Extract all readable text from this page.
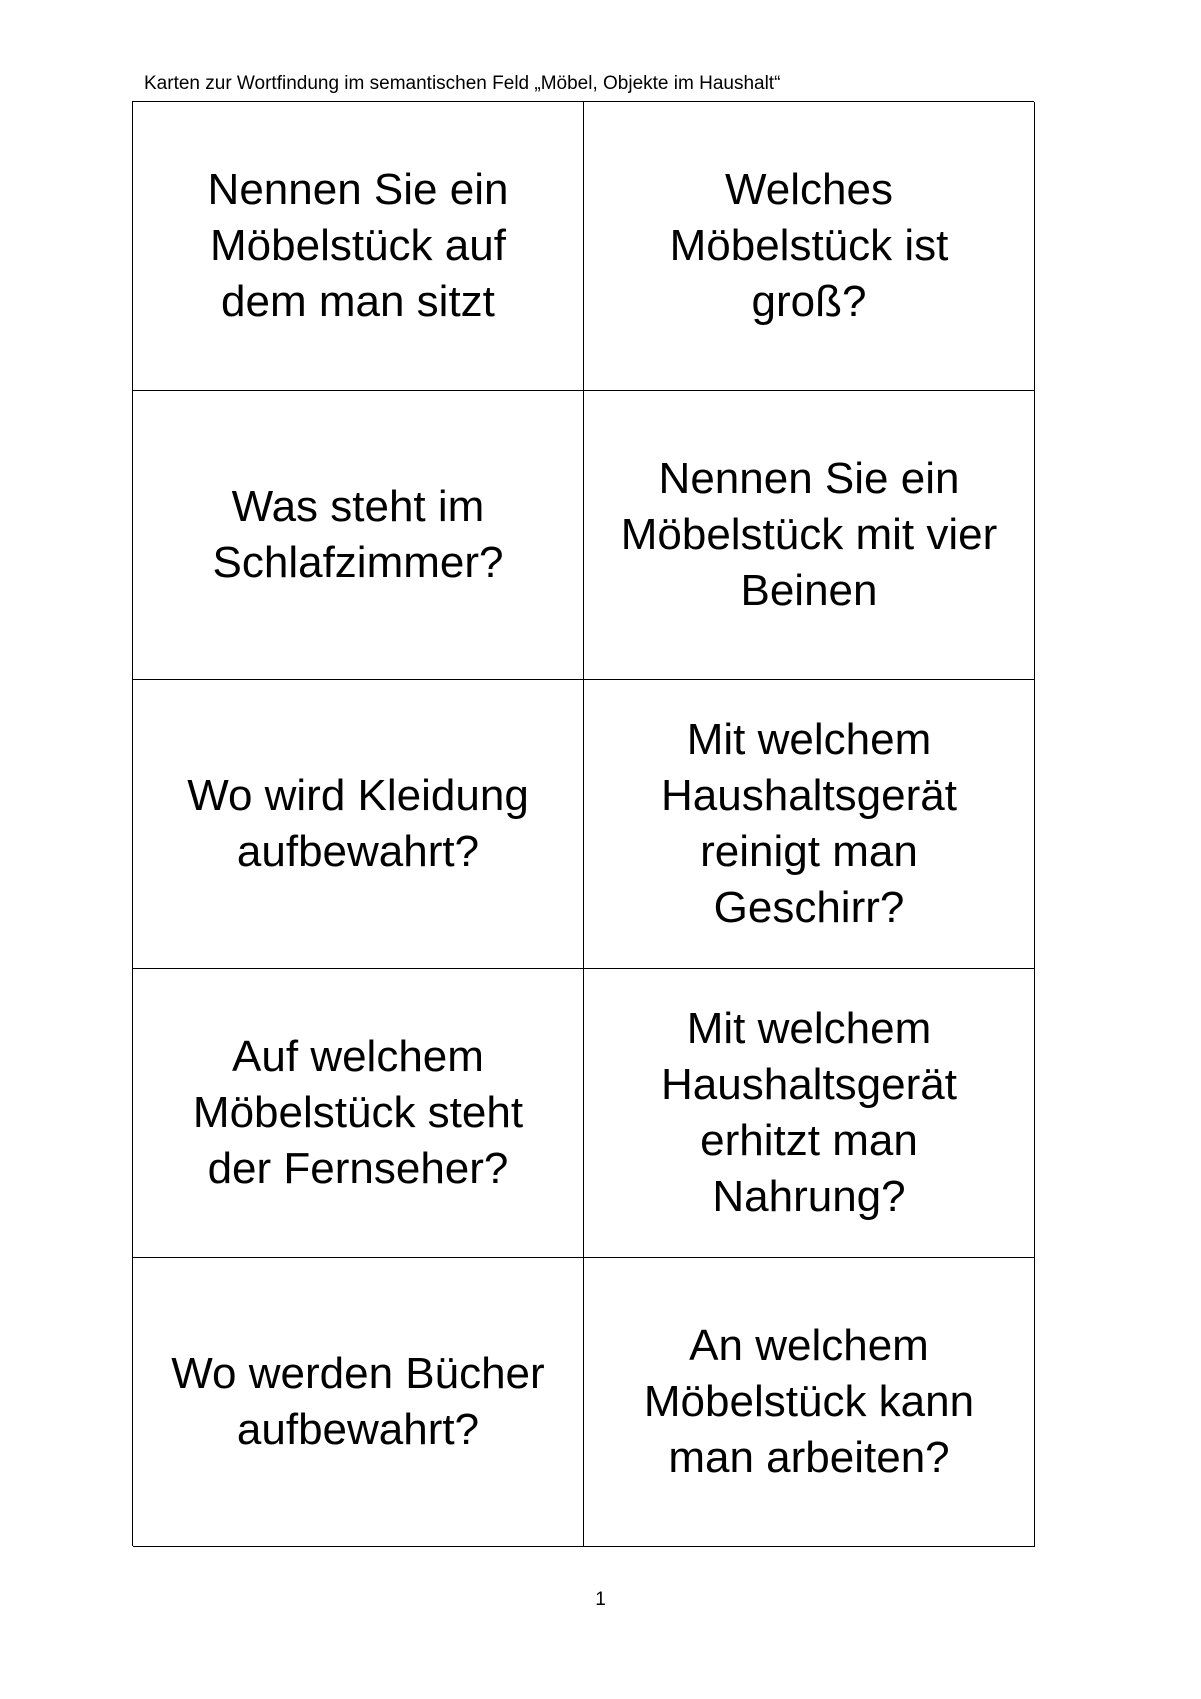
Karten zur Wortfindung im semantischen Feld „Möbel, Objekte im Haushalt“
Nennen Sie ein
Möbelstück auf
dem man sitzt
Welches
Möbelstück ist
groß?
Was steht im
Schlafzimmer?
Nennen Sie ein
Möbelstück mit vier
Beinen
Wo wird Kleidung
aufbewahrt?
Mit welchem
Haushaltsgerät
reinigt man
Geschirr?
Auf welchem
Möbelstück steht
der Fernseher?
Mit welchem
Haushaltsgerät
erhitzt man
Nahrung?
Wo werden Bücher
aufbewahrt?
An welchem
Möbelstück kann
man arbeiten?
1
